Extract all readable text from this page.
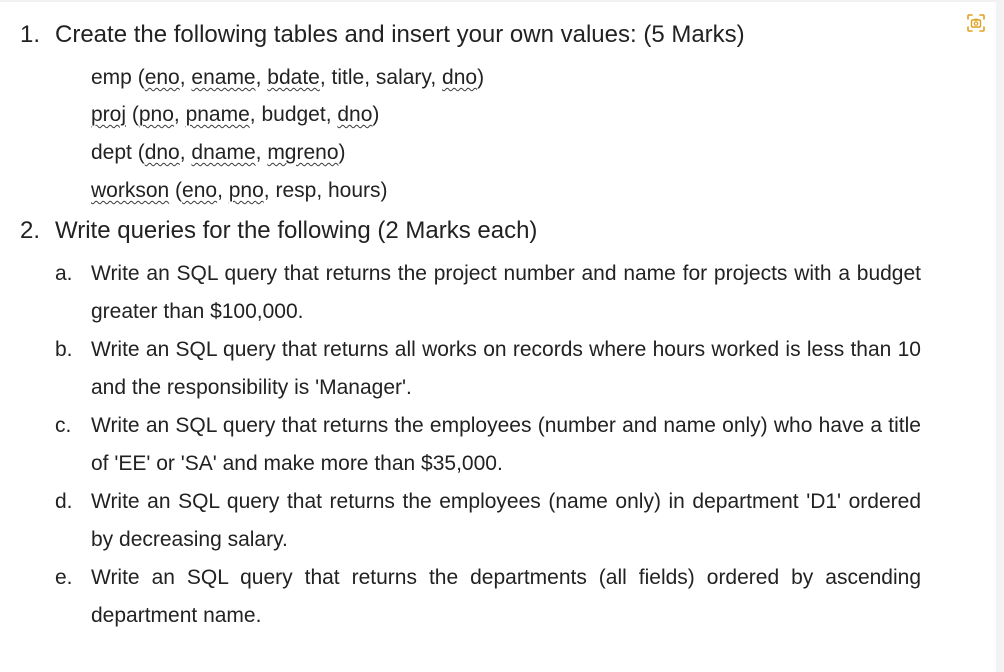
1. Create the following tables and insert your own values: (5 Marks)
emp (eno, ename, bdate, title, salary, dno)
proj (pno, pname, budget, dno)
dept (dno, dname, mgreno)
workson (eno, pno, resp, hours)
2. Write queries for the following (2 Marks each)
a. Write an SQL query that returns the project number and name for projects with a budget greater than $100,000.
b. Write an SQL query that returns all works on records where hours worked is less than 10 and the responsibility is 'Manager'.
c. Write an SQL query that returns the employees (number and name only) who have a title of 'EE' or 'SA' and make more than $35,000.
d. Write an SQL query that returns the employees (name only) in department 'D1' ordered by decreasing salary.
e. Write an SQL query that returns the departments (all fields) ordered by ascending department name.
